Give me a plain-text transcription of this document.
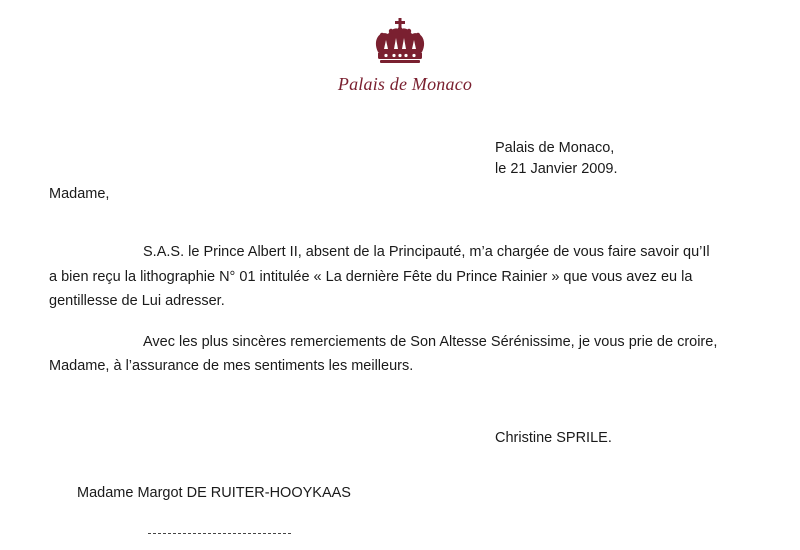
Palais de Monaco
Palais de Monaco,
le 21 Janvier 2009.
Madame,
S.A.S. le Prince Albert II, absent de la Principauté, m’a chargée de vous faire savoir qu’Il
a bien reçu la lithographie N° 01 intitulée « La dernière Fête du Prince Rainier » que vous avez eu la
gentillesse de Lui adresser.
Avec les plus sincères remerciements de Son Altesse Sérénissime, je vous prie de croire,
Madame, à l’assurance de mes sentiments les meilleurs.
Christine SPRILE.
Madame Margot DE RUITER-HOOYKAAS
